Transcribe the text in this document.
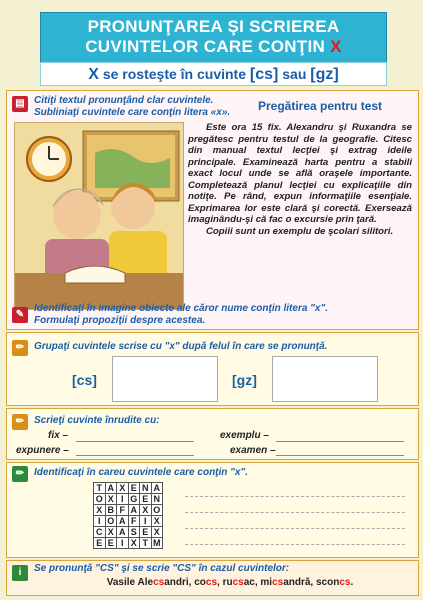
PRONUNŢAREA ŞI SCRIEREA
CUVINTELOR CARE CONŢIN X
X se rosteşte în cuvinte [cs] sau [gz]
▤ Citiţi textul pronunţând clar cuvintele.
Subliniaţi cuvintele care conţin litera «x».	Pregătirea pentru test

Este ora 15 fix. Alexandru şi Ruxandra se pregătesc pentru testul de la geografie. Citesc din manual textul lecţiei şi extrag ideile principale. Examinează harta pentru a stabili exact locul unde se află oraşele importante. Completează planul lecţiei cu explicaţiile din notiţe. Pe rând, expun informaţiile esenţiale. Exprimarea lor este clară şi corectă. Exersează imaginându-şi că fac o excursie prin ţară.

Copiii sunt un exemplu de şcolari silitori.

✎
Identificaţi în imagine obiecte ale căror nume conţin litera "x".
Formulaţi propoziţii despre acestea.
✏ Grupaţi cuvintele scrise cu "x" după felul în care se pronunţă.
[cs]	[gz]
✏ Scrieţi cuvinte înrudite cu:
fix –	exemplu –
expunere –	examen –
✏ Identificaţi în careu cuvintele care conţin "x".
T	A	X	E	N	A
O	X	I	G	E	N
X	B	F	A	X	O
I	O	A	F	I	X
C	X	A	S	E	X
E	E	I	X	T	M
i	Se pronunţă "CS" şi se scrie "CS" în cazul cuvintelor:
Vasile Alecsandri, cocs, rucsac, micsandră, sconcs.
